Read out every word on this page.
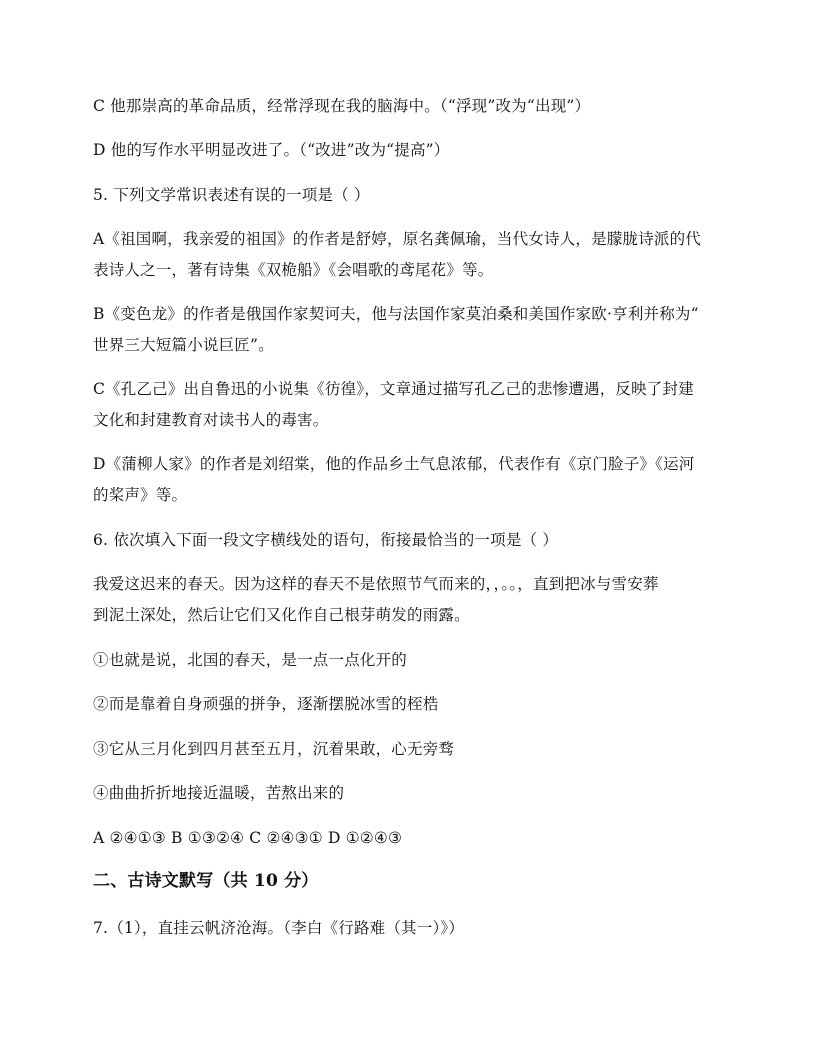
C 他那崇高的革命品质，经常浮现在我的脑海中。（“浮现”改为“出现”）
D 他的写作水平明显改进了。（“改进”改为“提高”）
5. 下列文学常识表述有误的一项是（ ）
A《祖国啊，我亲爱的祖国》的作者是舒婷，原名龚佩瑜，当代女诗人，是朦胧诗派的代
表诗人之一，著有诗集《双桅船》《会唱歌的鸢尾花》等。
B《变色龙》的作者是俄国作家契诃夫，他与法国作家莫泊桑和美国作家欧·亨利并称为“
世界三大短篇小说巨匠”。
C《孔乙己》出自鲁迅的小说集《彷徨》，文章通过描写孔乙己的悲惨遭遇，反映了封建
文化和封建教育对读书人的毒害。
D《蒲柳人家》的作者是刘绍棠，他的作品乡土气息浓郁，代表作有《京门脸子》《运河
的桨声》等。
6. 依次填入下面一段文字横线处的语句，衔接最恰当的一项是（ ）
我爱这迟来的春天。因为这样的春天不是依照节气而来的，，。。，直到把冰与雪安葬
到泥土深处，然后让它们又化作自己根芽萌发的雨露。
①也就是说，北国的春天，是一点一点化开的
②而是靠着自身顽强的拼争，逐渐摆脱冰雪的桎梏
③它从三月化到四月甚至五月，沉着果敢，心无旁骛
④曲曲折折地接近温暖，苦熬出来的
A ②④①③ B ①③②④ C ②④③① D ①②④③
二、古诗文默写（共 10 分）
7.（1），直挂云帆济沧海。（李白《行路难（其一）》）
